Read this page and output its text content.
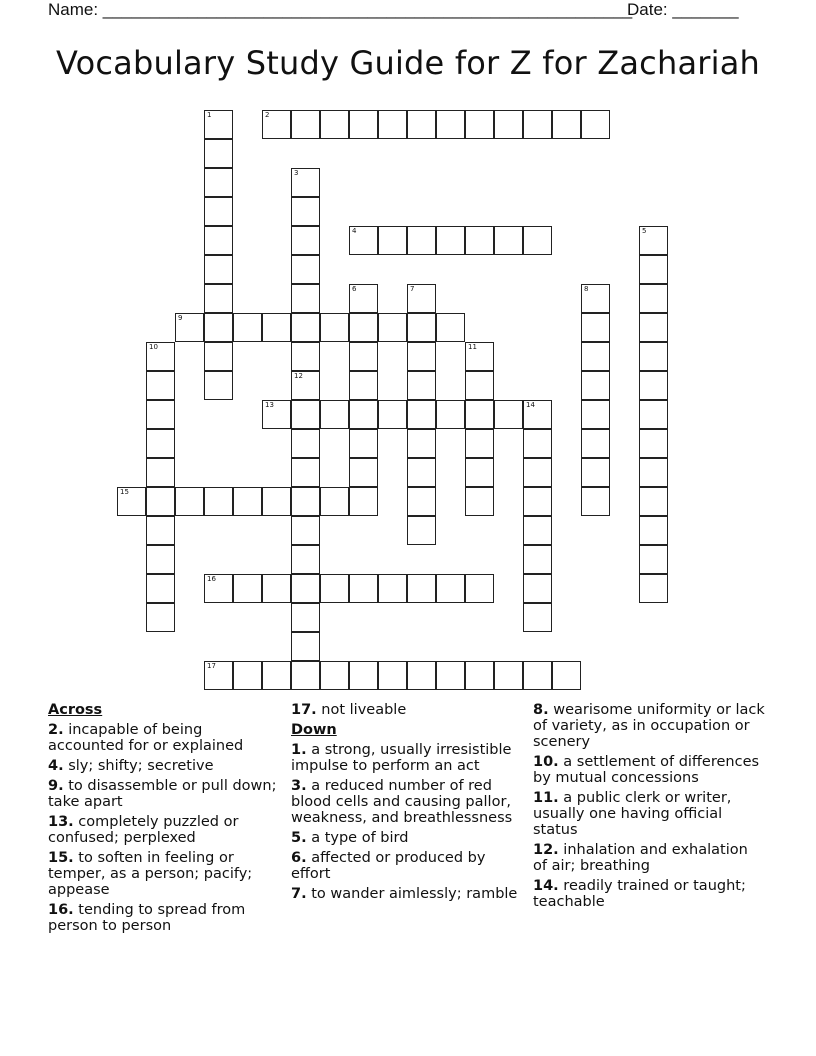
Name: ________________________________________________________
Date: _______
Vocabulary Study Guide for Z for Zachariah
2
4
9
13	14
15
16
17
1
3
12
5
6	7	8
10	11
Across
2. incapable of being accounted for or explained
4. sly; shifty; secretive
9. to disassemble or pull down; take apart
13. completely puzzled or confused; perplexed
15. to soften in feeling or temper, as a person; pacify; appease
16. tending to spread from person to person
17. not liveable
Down
1. a strong, usually irresistible impulse to perform an act
3. a reduced number of red blood cells and causing pallor, weakness, and breathlessness
5. a type of bird
6. affected or produced by effort
7. to wander aimlessly; ramble
8. wearisome uniformity or lack of variety, as in occupation or scenery
10. a settlement of differences by mutual concessions
11. a public clerk or writer, usually one having official status
12. inhalation and exhalation of air; breathing
14. readily trained or taught; teachable
